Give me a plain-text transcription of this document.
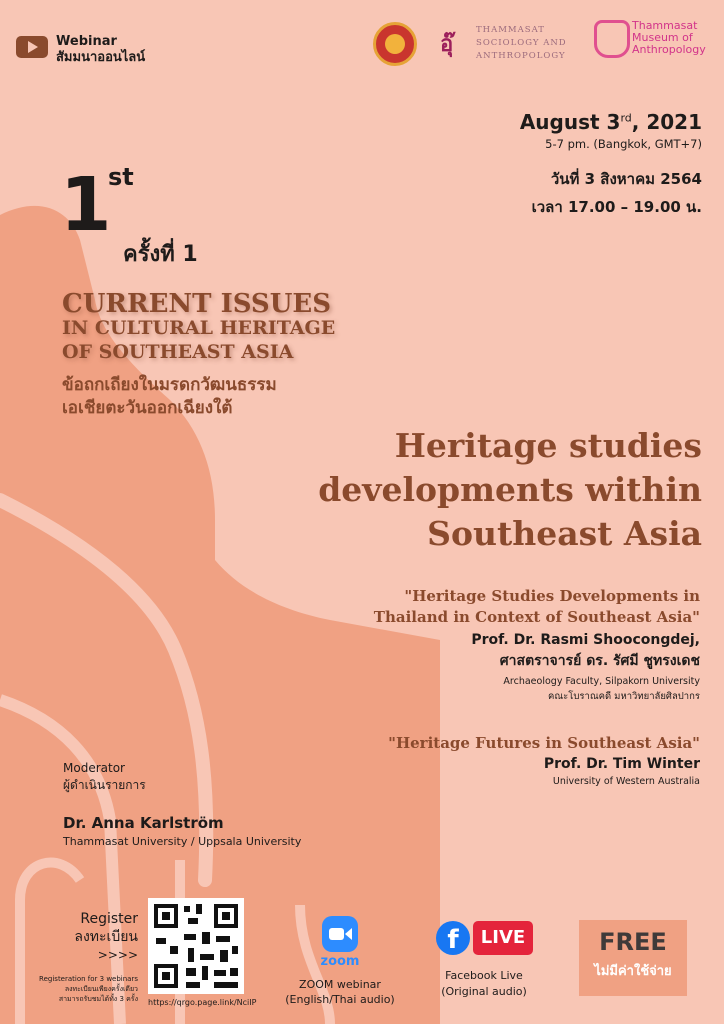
Webinar
สัมมนาออนไลน์
อุ๊
THAMMASAT
SOCIOLOGY AND
ANTHROPOLOGY
Thammasat
Museum of
Anthropology
August 3rd, 2021
5-7 pm. (Bangkok, GMT+7)
วันที่ 3 สิงหาคม 2564
เวลา 17.00 – 19.00 น.
1
st
ครั้งที่ 1
CURRENT ISSUES
IN CULTURAL HERITAGE
OF SOUTHEAST ASIA
ข้อถกเถียงในมรดกวัฒนธรรม
เอเชียตะวันออกเฉียงใต้
Heritage studies
developments within
Southeast Asia
"Heritage Studies Developments in
Thailand in Context of Southeast Asia"
Prof. Dr. Rasmi Shoocongdej,
ศาสตราจารย์ ดร. รัศมี ชูทรงเดช
Archaeology Faculty, Silpakorn University
คณะโบราณคดี มหาวิทยาลัยศิลปากร
"Heritage Futures in Southeast Asia"
Prof. Dr. Tim Winter
University of Western Australia
Moderator
ผู้ดำเนินรายการ
Dr. Anna Karlström
Thammasat University / Uppsala University
Register
ลงทะเบียน
>>>>
Registeration for 3 webinars
ลงทะเบียนเพียงครั้งเดียว
สามารถรับชมได้ทั้ง 3 ครั้ง https://qrgo.page.link/NciIP
zoom
ZOOM webinar
(English/Thai audio)
f	LIVE
Facebook Live
(Original audio)
FREE
ไม่มีค่าใช้จ่าย
